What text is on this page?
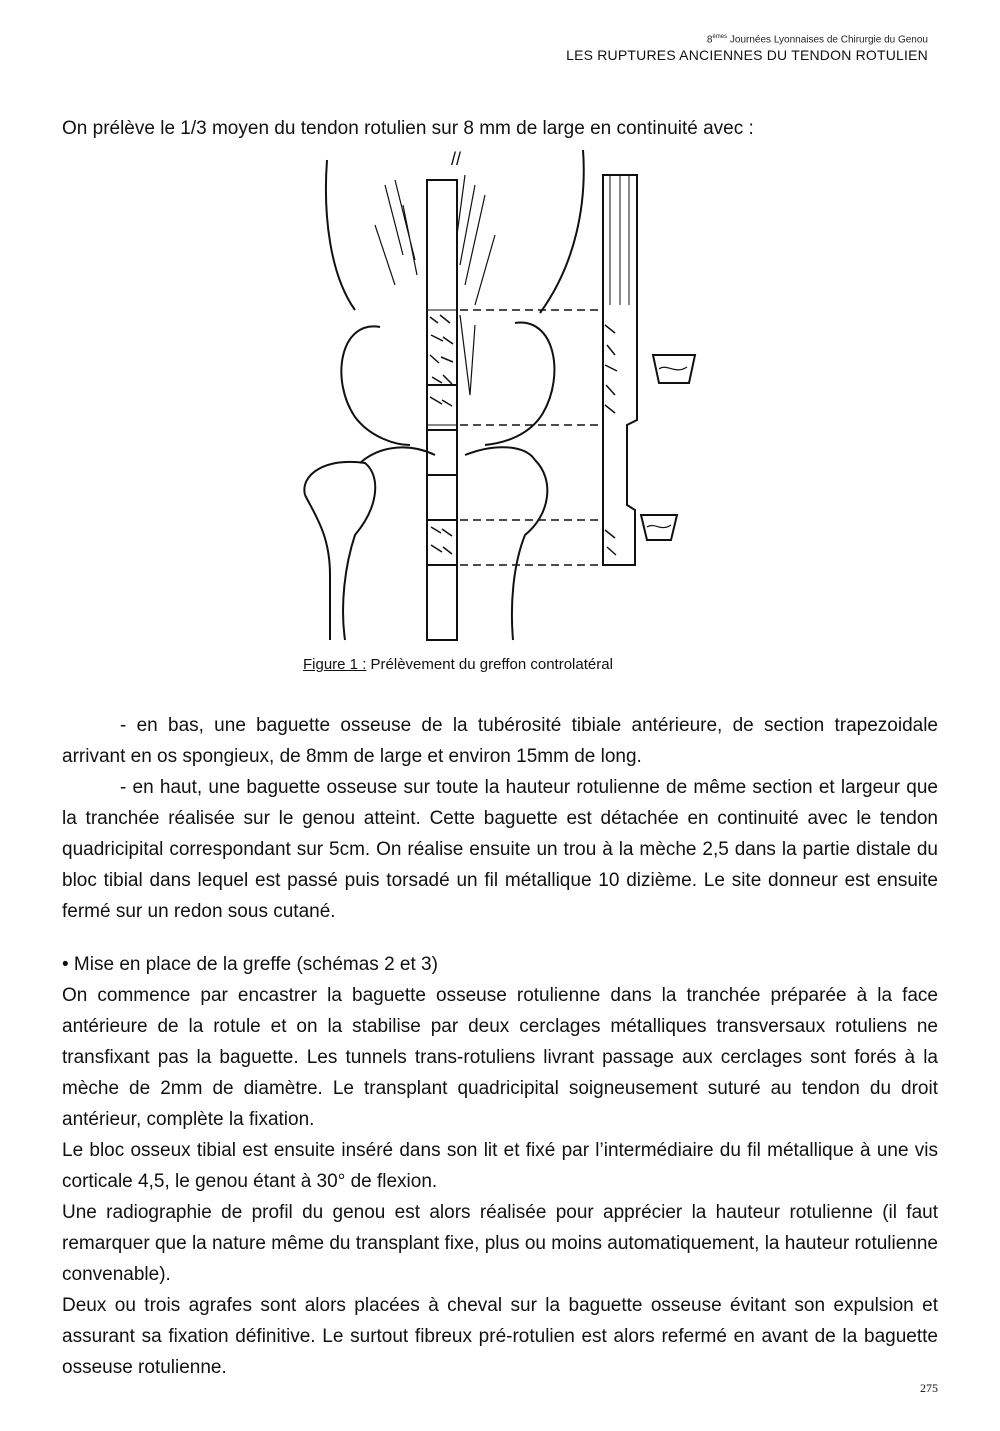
8èmes Journées Lyonnaises de Chirurgie du Genou
LES RUPTURES ANCIENNES DU TENDON ROTULIEN
On prélève le 1/3 moyen du tendon rotulien sur 8 mm de large en continuité avec :
//
Figure 1 : Prélèvement du greffon controlatéral

- en bas, une baguette osseuse de la tubérosité tibiale antérieure, de section trapezoidale arrivant en os spongieux, de 8mm de large et environ 15mm de long.

- en haut, une baguette osseuse sur toute la hauteur rotulienne de même section et largeur que la tranchée réalisée sur le genou atteint. Cette baguette est détachée en continuité avec le tendon quadricipital correspondant sur 5cm. On réalise ensuite un trou à la mèche 2,5 dans la partie distale du bloc tibial dans lequel est passé puis torsadé un fil métallique 10 dizième. Le site donneur est ensuite fermé sur un redon sous cutané.

• Mise en place de la greffe (schémas 2 et 3)

On commence par encastrer la baguette osseuse rotulienne dans la tranchée préparée à la face antérieure de la rotule et on la stabilise par deux cerclages métalliques transversaux rotuliens ne transfixant pas la baguette. Les tunnels trans-rotuliens livrant passage aux cerclages sont forés à la mèche de 2mm de diamètre. Le transplant quadricipital soigneusement suturé au tendon du droit antérieur, complète la fixation.

Le bloc osseux tibial est ensuite inséré dans son lit et fixé par l’intermédiaire du fil métallique à une vis corticale 4,5, le genou étant à 30° de flexion.

Une radiographie de profil du genou est alors réalisée pour apprécier la hauteur rotulienne (il faut remarquer que la nature même du transplant fixe, plus ou moins automatiquement, la hauteur rotulienne convenable).

Deux ou trois agrafes sont alors placées à cheval sur la baguette osseuse évitant son expulsion et assurant sa fixation définitive. Le surtout fibreux pré-rotulien est alors refermé en avant de la baguette osseuse rotulienne.

275
